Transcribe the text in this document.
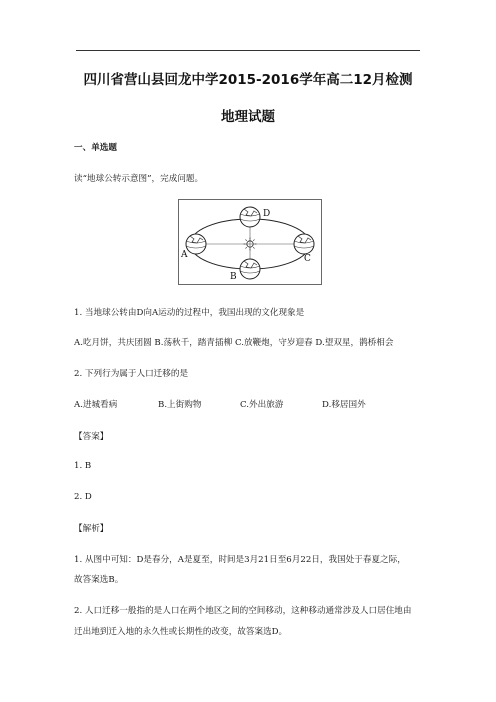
四川省营山县回龙中学2015-2016学年高二12月检测
地理试题
一、单选题
读“地球公转示意图”，完成问题。
D
A
B
C
1. 当地球公转由D向A运动的过程中，我国出现的文化现象是
A.吃月饼，共庆团圆 B.荡秋千，踏青插柳 C.放鞭炮，守岁迎春 D.望双星，鹊桥相会
2. 下列行为属于人口迁移的是
A.进城看病	B.上街购物	C.外出旅游	D.移居国外
【答案】
1. B
2. D
【解析】
1. 从图中可知：D是春分，A是夏至，时间是3月21日至6月22日，我国处于春夏之际，
故答案选B。
2. 人口迁移一般指的是人口在两个地区之间的空间移动，这种移动通常涉及人口居住地由
迁出地到迁入地的永久性或长期性的改变，故答案选D。
